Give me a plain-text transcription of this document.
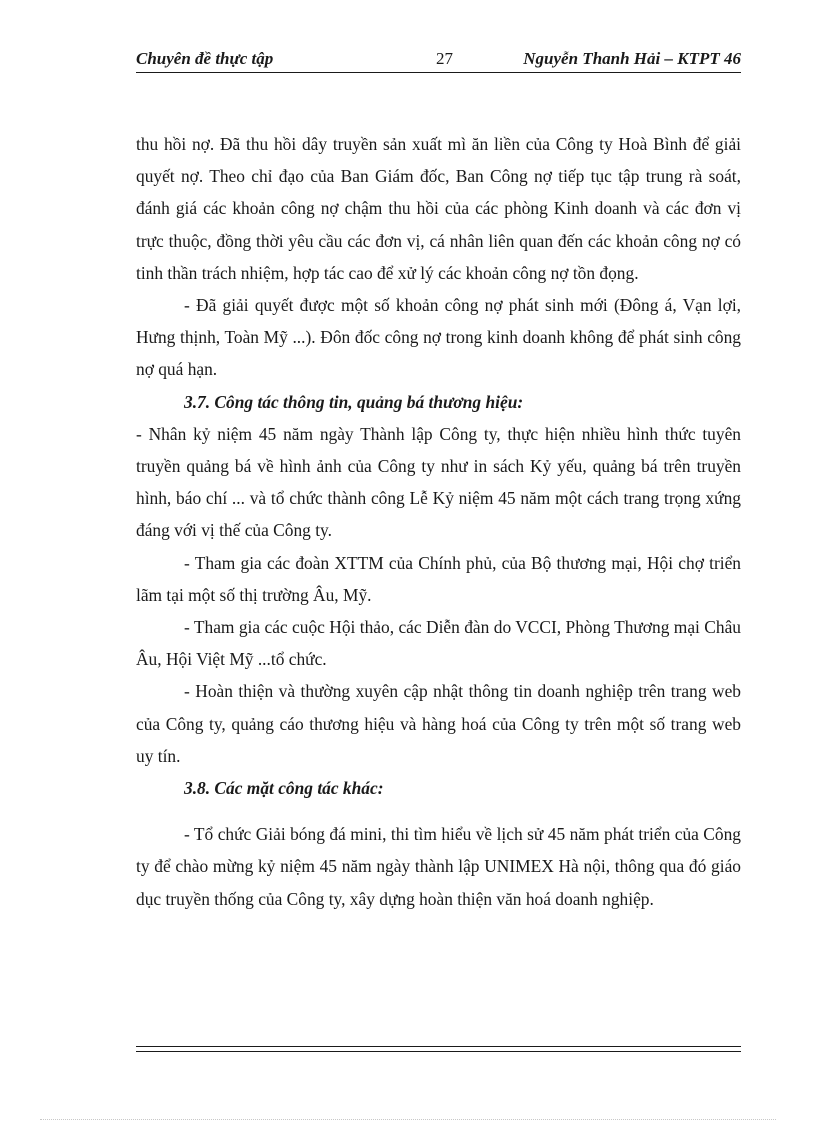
Chuyên đề thực tập	27	Nguyễn Thanh Hải – KTPT 46

thu hồi nợ. Đã thu hồi dây truyền sản xuất mì ăn liền của Công ty Hoà Bình để giải quyết nợ. Theo chỉ đạo của Ban Giám đốc, Ban Công nợ tiếp tục tập trung rà soát, đánh giá các khoản công nợ chậm thu hồi của các phòng Kinh doanh và các đơn vị trực thuộc, đồng thời yêu cầu các đơn vị, cá nhân liên quan đến các khoản công nợ có tinh thần trách nhiệm, hợp tác cao để xử lý các khoản công nợ tồn đọng.

- Đã giải quyết được một số khoản công nợ phát sinh mới (Đông á, Vạn lợi, Hưng thịnh, Toàn Mỹ ...). Đôn đốc công nợ trong kinh doanh không để phát sinh công nợ quá hạn.

3.7. Công tác thông tin, quảng bá thương hiệu:

- Nhân kỷ niệm 45 năm ngày Thành lập Công ty, thực hiện nhiều hình thức tuyên truyền quảng bá về hình ảnh của Công ty như in sách Kỷ yếu, quảng bá trên truyền hình, báo chí ... và tổ chức thành công Lễ Kỷ niệm 45 năm một cách trang trọng xứng đáng với vị thế của Công ty.

- Tham gia các đoàn XTTM của Chính phủ, của Bộ thương mại, Hội chợ triển lãm tại một số thị trường Âu, Mỹ.

- Tham gia các cuộc Hội thảo, các Diễn đàn do VCCI, Phòng Thương mại Châu Âu, Hội Việt Mỹ ...tổ chức.

- Hoàn thiện và thường xuyên cập nhật thông tin doanh nghiệp trên trang web của Công ty, quảng cáo thương hiệu và hàng hoá của Công ty trên một số trang web uy tín.

3.8. Các mặt công tác khác:

- Tổ chức Giải bóng đá mini, thi tìm hiểu về lịch sử 45 năm phát triển của Công ty để chào mừng kỷ niệm 45 năm ngày thành lập UNIMEX Hà nội, thông qua đó giáo dục truyền thống của Công ty, xây dựng hoàn thiện văn hoá doanh nghiệp.
